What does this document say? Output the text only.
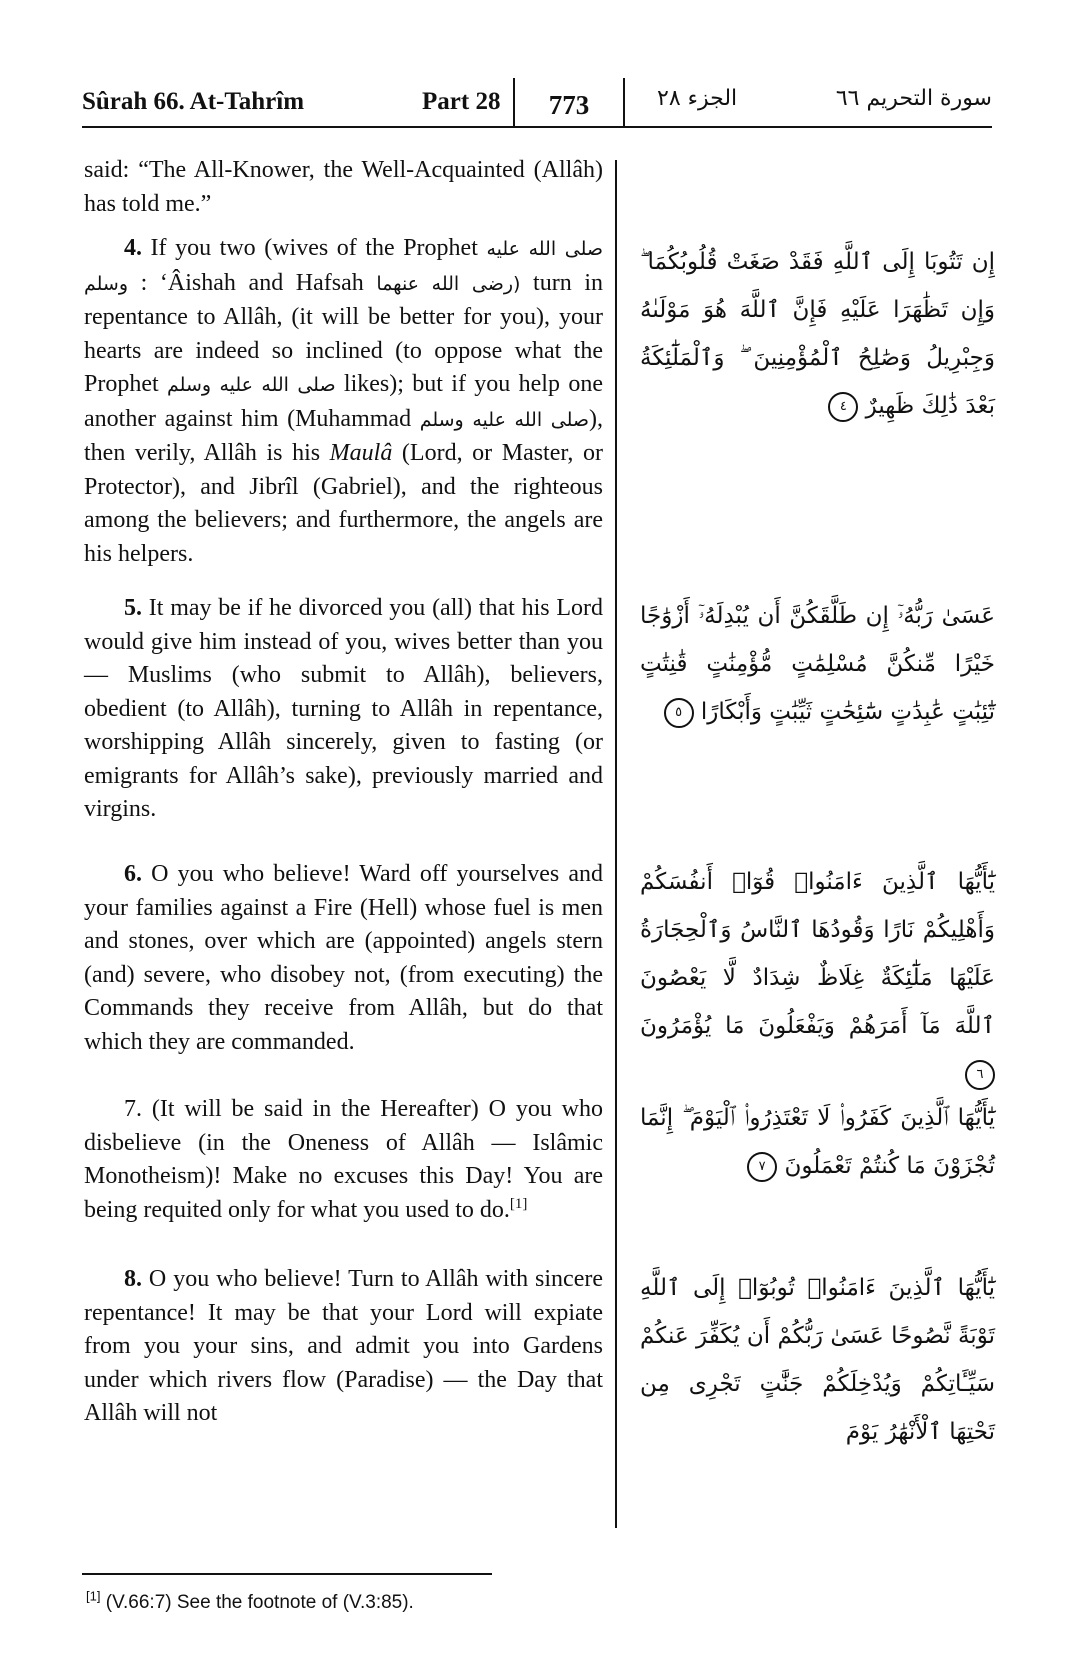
Sûrah 66. At-Tahrîm	Part 28	773	الجزء ٢٨	سورة التحريم ٦٦

said: “The All-Knower, the Well-Acquainted (Allâh) has told me.”

4. If you two (wives of the Prophet صلى الله عليه وسلم : ‘Âishah and Hafsah (رضى الله عنهما turn in repentance to Allâh, (it will be better for you), your hearts are indeed so inclined (to oppose what the Prophet صلى الله عليه وسلم likes); but if you help one another against him (Muhammad صلى الله عليه وسلم), then verily, Allâh is his Maulâ (Lord, or Master, or Protector), and Jibrîl (Gabriel), and the righteous among the believers; and furthermore, the angels are his helpers.

5. It may be if he divorced you (all) that his Lord would give him instead of you, wives better than you — Muslims (who submit to Allâh), believers, obedient (to Allâh), turning to Allâh in repentance, worshipping Allâh sincerely, given to fasting (or emigrants for Allâh’s sake), previously married and virgins.

6. O you who believe! Ward off yourselves and your families against a Fire (Hell) whose fuel is men and stones, over which are (appointed) angels stern (and) severe, who disobey not, (from executing) the Commands they receive from Allâh, but do that which they are commanded.

7. (It will be said in the Hereafter) O you who disbelieve (in the Oneness of Allâh — Islâmic Monotheism)! Make no excuses this Day! You are being requited only for what you used to do.[1]

8. O you who believe! Turn to Allâh with sincere repentance! It may be that your Lord will expiate from you your sins, and admit you into Gardens under which rivers flow (Paradise) — the Day that Allâh will not

إِن تَتُوبَا إِلَى ٱللَّهِ فَقَدْ صَغَتْ قُلُوبُكُمَا ۖ وَإِن تَظَٰهَرَا عَلَيْهِ فَإِنَّ ٱللَّهَ هُوَ مَوْلَىٰهُ وَجِبْرِيلُ وَصَٰلِحُ ٱلْمُؤْمِنِينَ ۖ وَٱلْمَلَٰٓئِكَةُ بَعْدَ ذَٰلِكَ ظَهِيرٌ ٤
عَسَىٰ رَبُّهُۥٓ إِن طَلَّقَكُنَّ أَن يُبْدِلَهُۥٓ أَزْوَٰجًا خَيْرًا مِّنكُنَّ مُسْلِمَٰتٍ مُّؤْمِنَٰتٍ قَٰنِتَٰتٍ تَٰٓئِبَٰتٍ عَٰبِدَٰتٍ سَٰٓئِحَٰتٍ ثَيِّبَٰتٍ وَأَبْكَارًا ٥
يَٰٓأَيُّهَا ٱلَّذِينَ ءَامَنُوا۟ قُوٓا۟ أَنفُسَكُمْ وَأَهْلِيكُمْ نَارًا وَقُودُهَا ٱلنَّاسُ وَٱلْحِجَارَةُ عَلَيْهَا مَلَٰٓئِكَةٌ غِلَاظٌ شِدَادٌ لَّا يَعْصُونَ ٱللَّهَ مَآ أَمَرَهُمْ وَيَفْعَلُونَ مَا يُؤْمَرُونَ ٦
يَٰٓأَيُّهَا ٱلَّذِينَ كَفَرُوا۟ لَا تَعْتَذِرُوا۟ ٱلْيَوْمَ ۖ إِنَّمَا تُجْزَوْنَ مَا كُنتُمْ تَعْمَلُونَ ٧
يَٰٓأَيُّهَا ٱلَّذِينَ ءَامَنُوا۟ تُوبُوٓا۟ إِلَى ٱللَّهِ تَوْبَةً نَّصُوحًا عَسَىٰ رَبُّكُمْ أَن يُكَفِّرَ عَنكُمْ سَيِّـَٔاتِكُمْ وَيُدْخِلَكُمْ جَنَّٰتٍ تَجْرِى مِن تَحْتِهَا ٱلْأَنْهَٰرُ يَوْمَ
[1] (V.66:7) See the footnote of (V.3:85).
